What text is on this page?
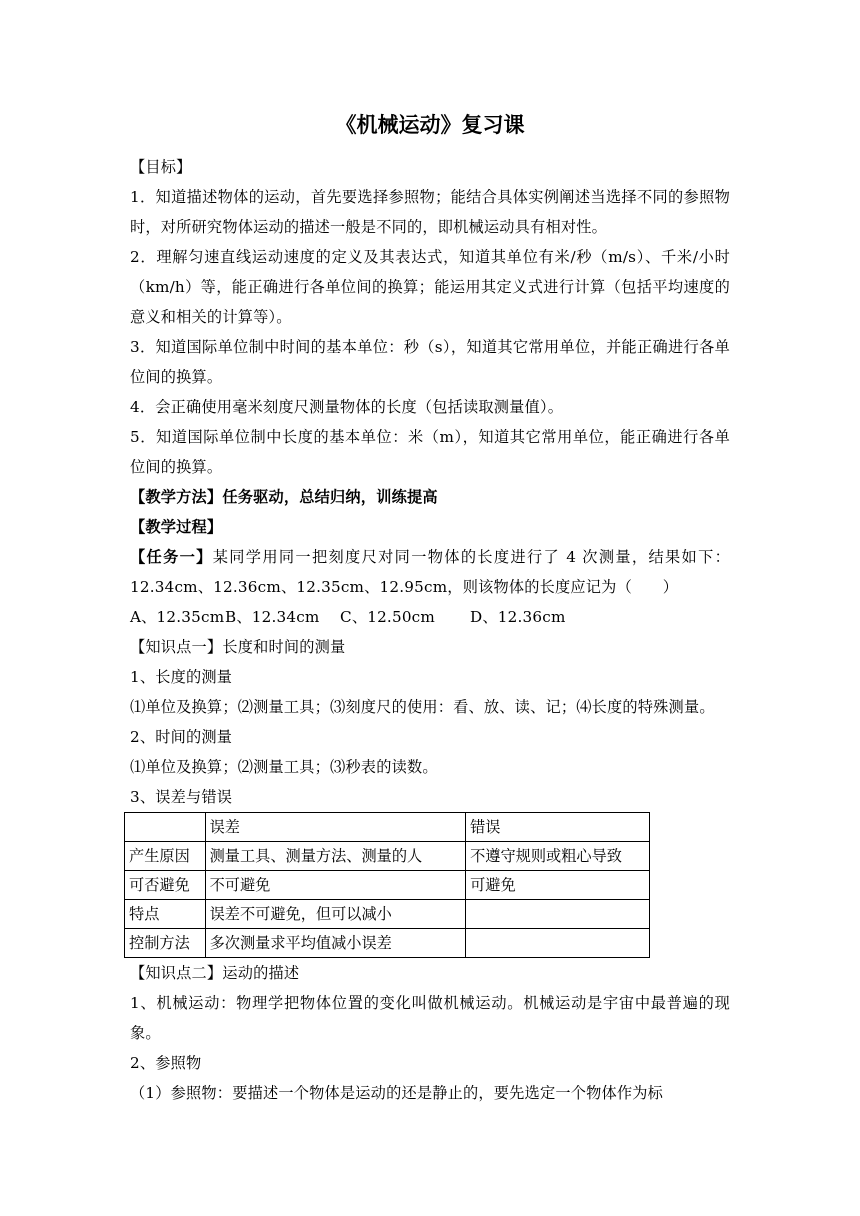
《机械运动》复习课

【目标】

1．知道描述物体的运动，首先要选择参照物；能结合具体实例阐述当选择不同的参照物时，对所研究物体运动的描述一般是不同的，即机械运动具有相对性。

2．理解匀速直线运动速度的定义及其表达式，知道其单位有米/秒（m/s）、千米/小时（km/h）等，能正确进行各单位间的换算；能运用其定义式进行计算（包括平均速度的意义和相关的计算等）。

3．知道国际单位制中时间的基本单位：秒（s），知道其它常用单位，并能正确进行各单位间的换算。

4．会正确使用毫米刻度尺测量物体的长度（包括读取测量值）。

5．知道国际单位制中长度的基本单位：米（m），知道其它常用单位，能正确进行各单位间的换算。

【教学方法】任务驱动，总结归纳，训练提高

【教学过程】

【任务一】某同学用同一把刻度尺对同一物体的长度进行了 4 次测量，结果如下：12.34cm、12.36cm、12.35cm、12.95cm，则该物体的长度应记为（　　）

A、12.35cmB、12.34cm C、12.50cm D、12.36cm

【知识点一】长度和时间的测量

1、长度的测量

⑴单位及换算；⑵测量工具；⑶刻度尺的使用：看、放、读、记；⑷长度的特殊测量。

2、时间的测量

⑴单位及换算；⑵测量工具；⑶秒表的读数。

3、误差与错误

	误差	错误
产生原因	测量工具、测量方法、测量的人	不遵守规则或粗心导致
可否避免	不可避免	可避免
特点	误差不可避免，但可以减小	
控制方法	多次测量求平均值减小误差	

【知识点二】运动的描述

1、机械运动：物理学把物体位置的变化叫做机械运动。机械运动是宇宙中最普遍的现象。

2、参照物

（1）参照物：要描述一个物体是运动的还是静止的，要先选定一个物体作为标
